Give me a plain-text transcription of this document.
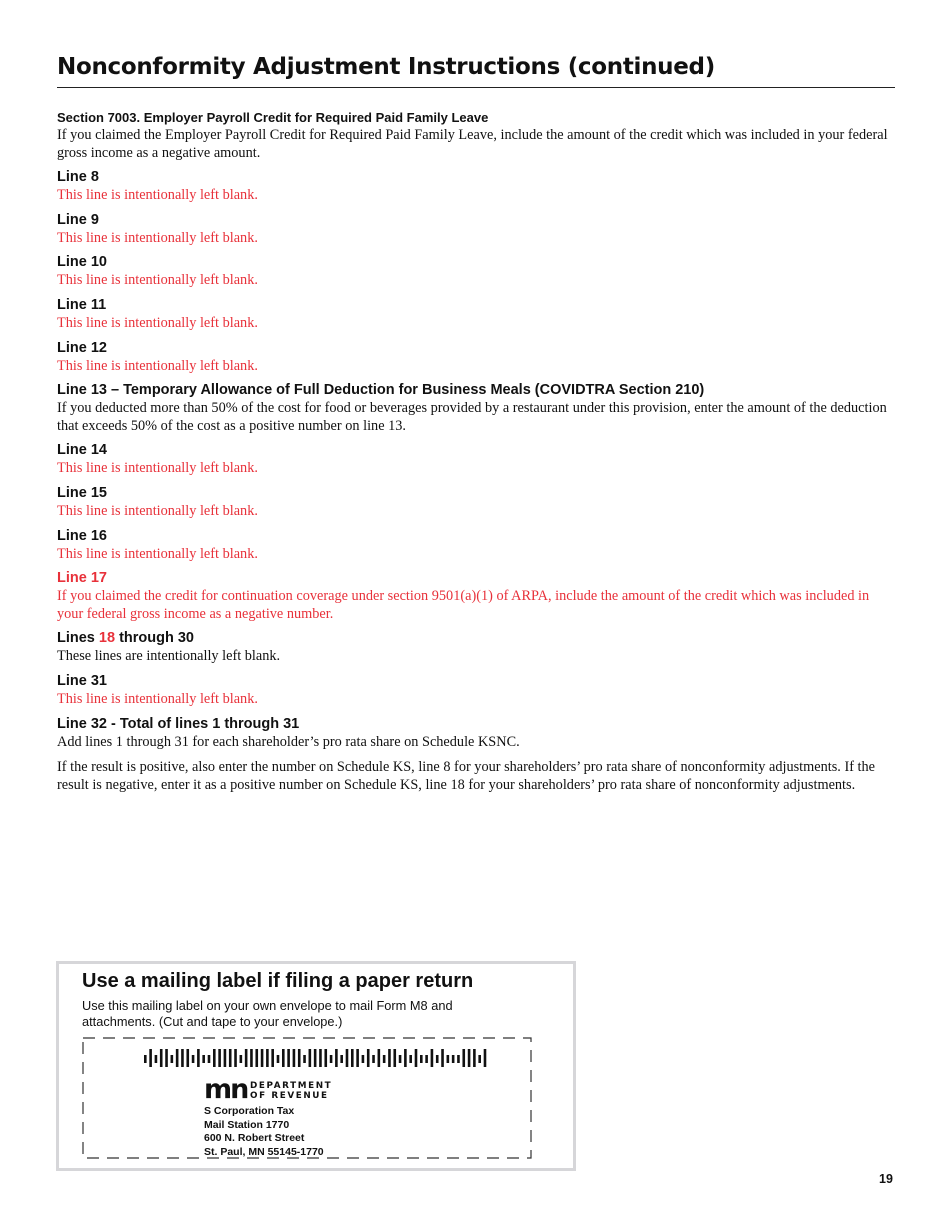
Nonconformity Adjustment Instructions (continued)
Section 7003. Employer Payroll Credit for Required Paid Family Leave
If you claimed the Employer Payroll Credit for Required Paid Family Leave, include the amount of the credit which was included in your federal gross income as a negative amount.
Line 8
This line is intentionally left blank.
Line 9
This line is intentionally left blank.
Line 10
This line is intentionally left blank.
Line 11
This line is intentionally left blank.
Line 12
This line is intentionally left blank.
Line 13 – Temporary Allowance of Full Deduction for Business Meals (COVIDTRA Section 210)
If you deducted more than 50% of the cost for food or beverages provided by a restaurant under this provision, enter the amount of the deduction that exceeds 50% of the cost as a positive number on line 13.
Line 14
This line is intentionally left blank.
Line 15
This line is intentionally left blank.
Line 16
This line is intentionally left blank.
Line 17
If you claimed the credit for continuation coverage under section 9501(a)(1) of ARPA, include the amount of the credit which was included in your federal gross income as a negative number.
Lines 18 through 30
These lines are intentionally left blank.
Line 31
This line is intentionally left blank.
Line 32 - Total of lines 1 through 31
Add lines 1 through 31 for each shareholder’s pro rata share on Schedule KSNC.
If the result is positive, also enter the number on Schedule KS, line 8 for your shareholders’ pro rata share of nonconformity adjustments. If the result is negative, enter it as a positive number on Schedule KS, line 18 for your shareholders’ pro rata share of nonconformity adjustments.
Use a mailing label if filing a paper return
Use this mailing label on your own envelope to mail Form M8 and attachments. (Cut and tape to your envelope.)
mn DEPARTMENT
OF REVENUE
S Corporation Tax
Mail Station 1770
600 N. Robert Street
St. Paul, MN 55145-1770
19
